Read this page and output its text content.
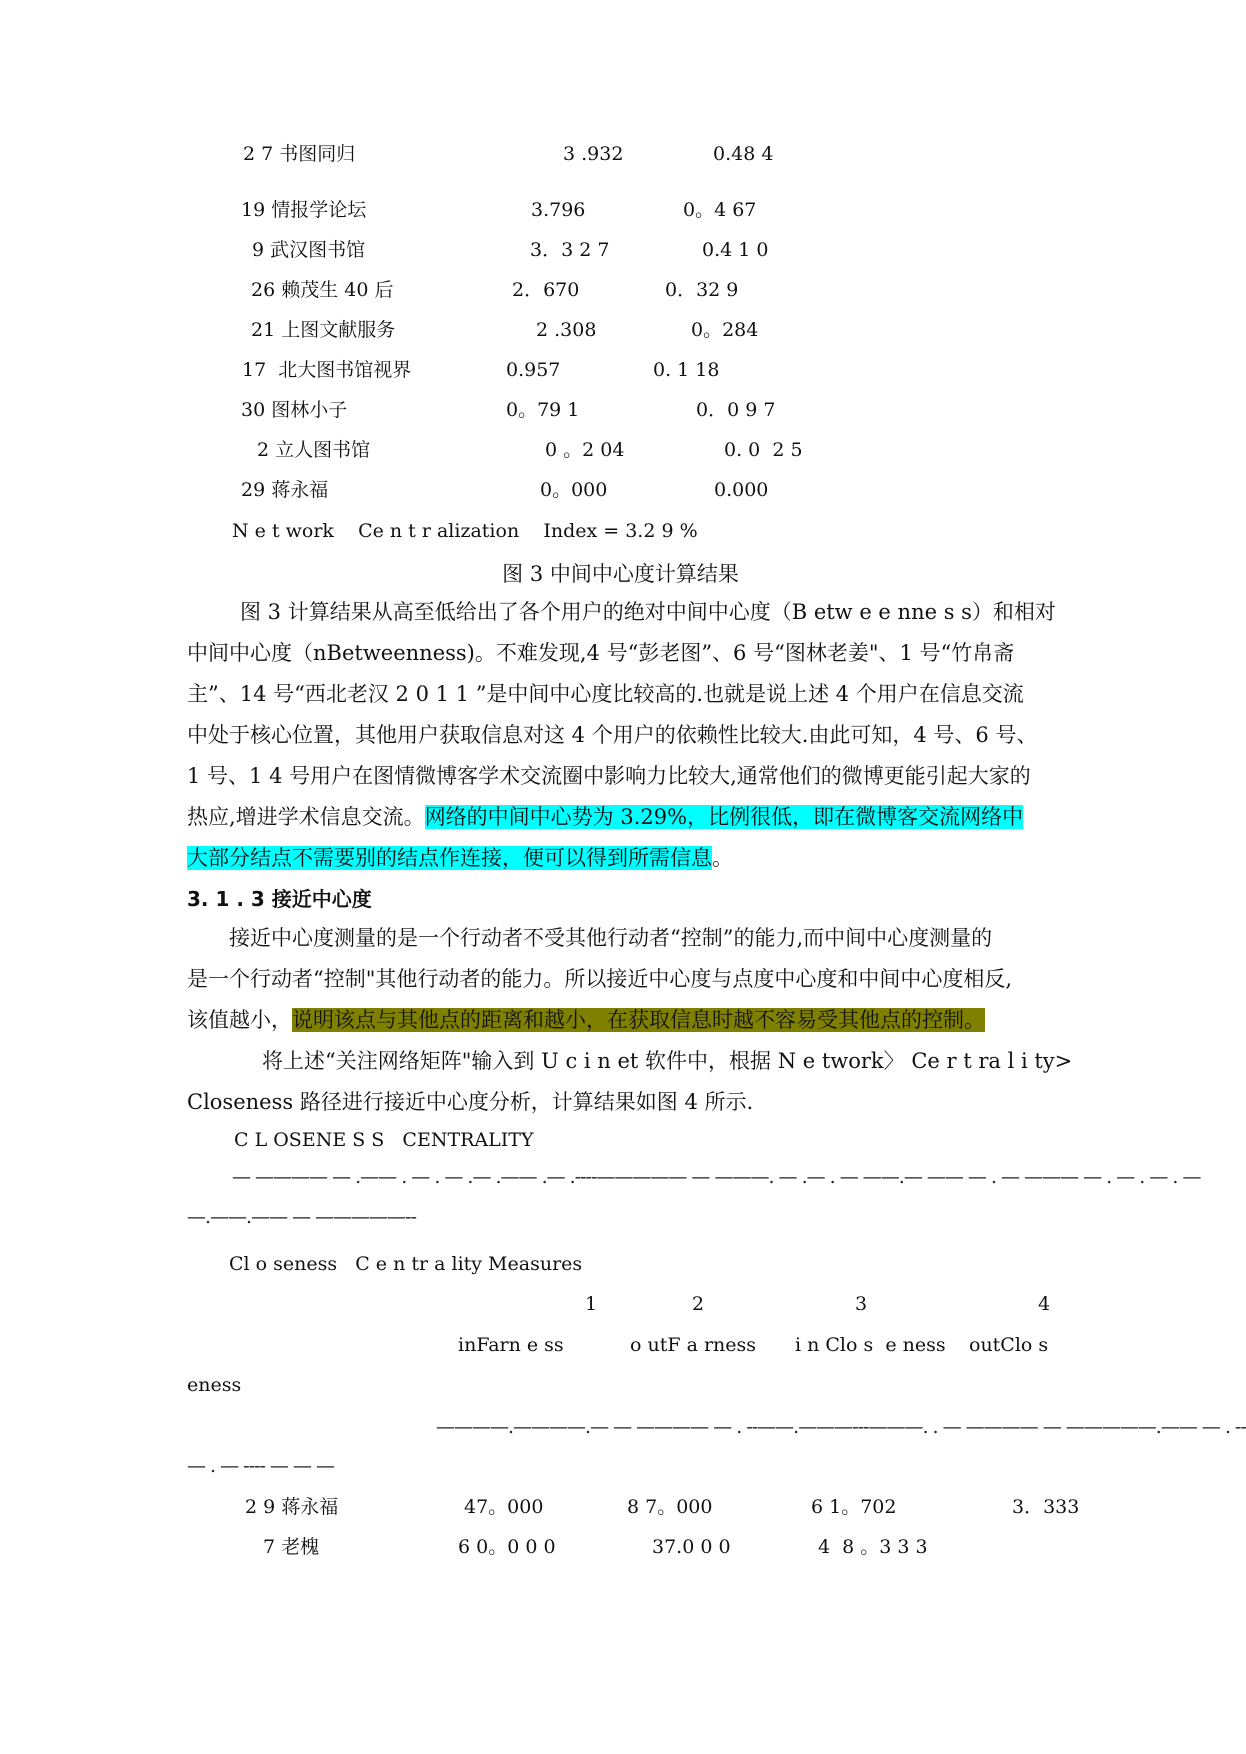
2 7 书图同归	3 .932	0.48 4
19 情报学论坛	3.796	0。4 67
9 武汉图书馆	3．3 2 7	0.4 1 0
26 赖茂生 40 后	2．670	0．32 9
21 上图文献服务	2 .308	0。284
17  北大图书馆视界	0.957	0. 1 18
30 图林小子	0。79 1	0．0 9 7
2 立人图书馆	0 。2 04	0. 0  2 5
29 蒋永福	0。000	0.000
N e t work    Ce n t r alization    Index = 3.2 9 %
图 3 中间中心度计算结果
图 3 计算结果从高至低给出了各个用户的绝对中间中心度（B etw e e nne s s）和相对
中间中心度（nBetweenness)。不难发现,4 号“彭老图”、6 号“图林老姜"、1 号“竹帛斋
主”、14 号“西北老汉 2 0 1 1 ”是中间中心度比较高的.也就是说上述 4 个用户在信息交流
中处于核心位置，其他用户获取信息对这 4 个用户的依赖性比较大.由此可知，4 号、6 号、
1 号、1 4 号用户在图情微博客学术交流圈中影响力比较大,通常他们的微博更能引起大家的
热应,增进学术信息交流。网络的中间中心势为 3.29%，比例很低，即在微博客交流网络中
大部分结点不需要别的结点作连接，便可以得到所需信息。
3. 1 . 3 接近中心度
接近中心度测量的是一个行动者不受其他行动者“控制”的能力,而中间中心度测量的
是一个行动者“控制"其他行动者的能力。所以接近中心度与点度中心度和中间中心度相反,
该值越小，说明该点与其他点的距离和越小，在获取信息时越不容易受其他点的控制。
将上述“关注网络矩阵"输入到 U c i n et 软件中，根据 N e twork〉 Ce r t ra l i ty>
Closeness 路径进行接近中心度分析，计算结果如图 4 所示.
C L OSENE S S   CENTRALITY
— ———— — .—— . — . — .— .—— .— .----————— — ———. — .— . — ——.— —— — . — ——— — . — . — . —
—.——.—— — —————--
Cl o seness   C e n tr a lity Measures
1	2	3	4
inFarn e ss	o utF a rness i n Clo s  e ness outClo s
eness
————.————.— — ———— — . --——.———---———. . — ———— — —————.—— — . --
— . — ---- — — —
2 9 蒋永福	47。000	8 7。000	6 1。702	3．333
7 老槐	6 0。0 0 0	37.0 0 0	4  8 。3 3 3
